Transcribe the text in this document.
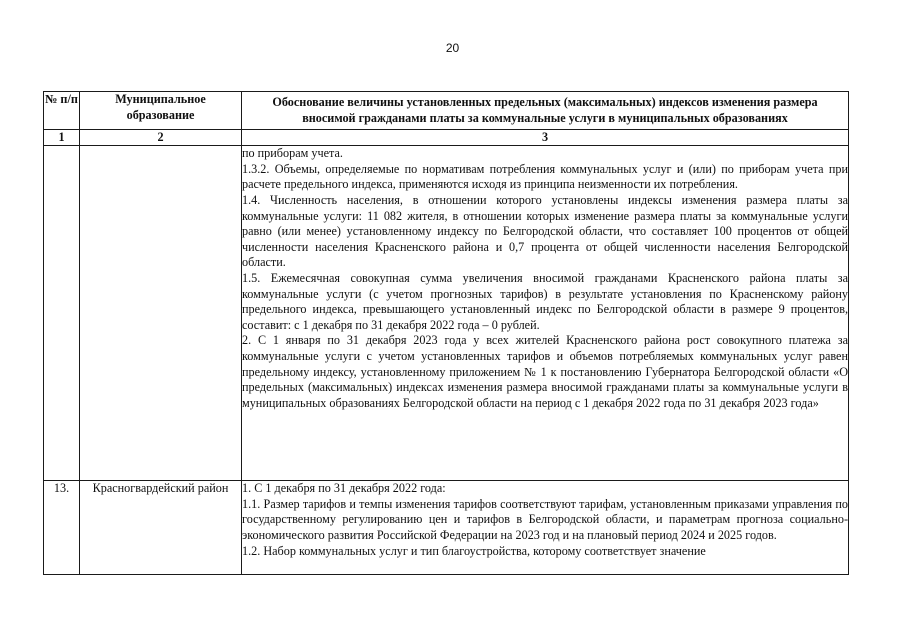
20
№ п/п	Муниципальное образование	Обоснование величины установленных предельных (максимальных) индексов изменения размера вносимой гражданами платы за коммунальные услуги в муниципальных образованиях
1	2	3

		по приборам учета.

1.3.2. Объемы, определяемые по нормативам потребления коммунальных услуг и (или) по приборам учета при расчете предельного индекса, применяются исходя из принципа неизменности их потребления.

1.4. Численность населения, в отношении которого установлены индексы изменения размера платы за коммунальные услуги: 11 082 жителя, в отношении которых изменение размера платы за коммунальные услуги равно (или менее) установленному индексу по Белгородской области, что составляет 100 процентов от общей численности населения Красненского района и 0,7 процента от общей численности населения Белгородской области.

1.5. Ежемесячная совокупная сумма увеличения вносимой гражданами Красненского района платы за коммунальные услуги (с учетом прогнозных тарифов) в результате установления по Красненскому району предельного индекса, превышающего установленный индекс по Белгородской области в размере 9 процентов, составит: с 1 декабря по 31 декабря 2022 года – 0 рублей.

2. С 1 января по 31 декабря 2023 года у всех жителей Красненского района рост совокупного платежа за коммунальные услуги с учетом установленных тарифов и объемов потребляемых коммунальных услуг равен предельному индексу, установленному приложением № 1 к постановлению Губернатора Белгородской области «О предельных (максимальных) индексах изменения размера вносимой гражданами платы за коммунальные услуги в муниципальных образованиях Белгородской области на период с 1 декабря 2022 года по 31 декабря 2023 года»

13.	Красногвардейский район	1. С 1 декабря по 31 декабря 2022 года:

1.1. Размер тарифов и темпы изменения тарифов соответствуют тарифам, установленным приказами управления по государственному регулированию цен и тарифов в Белгородской области, и параметрам прогноза социально-экономического развития Российской Федерации на 2023 год и на плановый период 2024 и 2025 годов.

1.2. Набор коммунальных услуг и тип благоустройства, которому соответствует значение
